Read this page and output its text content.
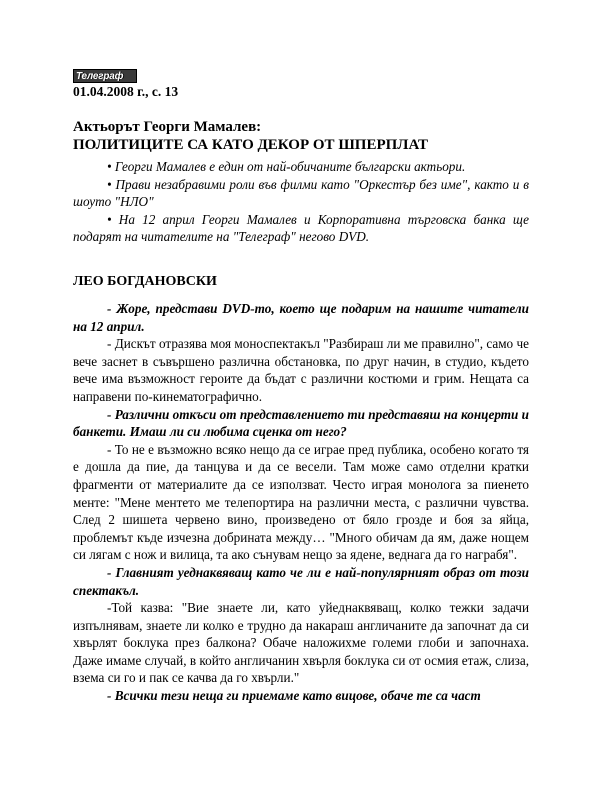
Телеграф
01.04.2008 г., с. 13
Актьорът Георги Мамалев:
ПОЛИТИЦИТЕ СА КАТО ДЕКОР ОТ ШПЕРПЛАТ

• Георги Мамалев е един от най-обичаните български актьори.

• Прави незабравими роли във филми като "Оркестър без име", както и в шоуто "НЛО"

• На 12 април Георги Мамалев и Корпоративна търговска банка ще подарят на читателите на "Телеграф" негово DVD.

ЛЕО БОГДАНОВСКИ

- Жоре, представи DVD-то, което ще подарим на нашите читатели на 12 април.

- Дискът отразява моя моноспектакъл "Разбираш ли ме правилно", само че вече заснет в съвършено различна обстановка, по друг начин, в студио, където вече има възможност героите да бъдат с различни костюми и грим. Нещата са направени по-кинематографично.

- Различни откъси от представлението ти представяш на концерти и банкети. Имаш ли си любима сценка от него?

- То не е възможно всяко нещо да се играе пред публика, особено когато тя е дошла да пие, да танцува и да се весели. Там може само отделни кратки фрагменти от материалите да се използват. Често играя монолога за пиенето менте: "Мене ментето ме телепортира на различни места, с различни чувства. След 2 шишета червено вино, произведено от бяло грозде и боя за яйца, проблемът къде изчезна добрината между… "Много обичам да ям, даже нощем си лягам с нож и вилица, та ако сънувам нещо за ядене, веднага да го награбя".

- Главният уеднаквяващ като че ли е най-популярният образ от този спектакъл.

-Той казва: "Вие знаете ли, като уйеднаквяващ, колко тежки задачи изпълнявам, знаете ли колко е трудно да накараш англичаните да започнат да си хвърлят боклука през балкона? Обаче наложихме големи глоби и започнаха. Даже имаме случай, в който англичанин хвърля боклука си от осмия етаж, слиза, взема си го и пак се качва да го хвърли."

- Всички тези неща ги приемаме като вицове, обаче те са част
